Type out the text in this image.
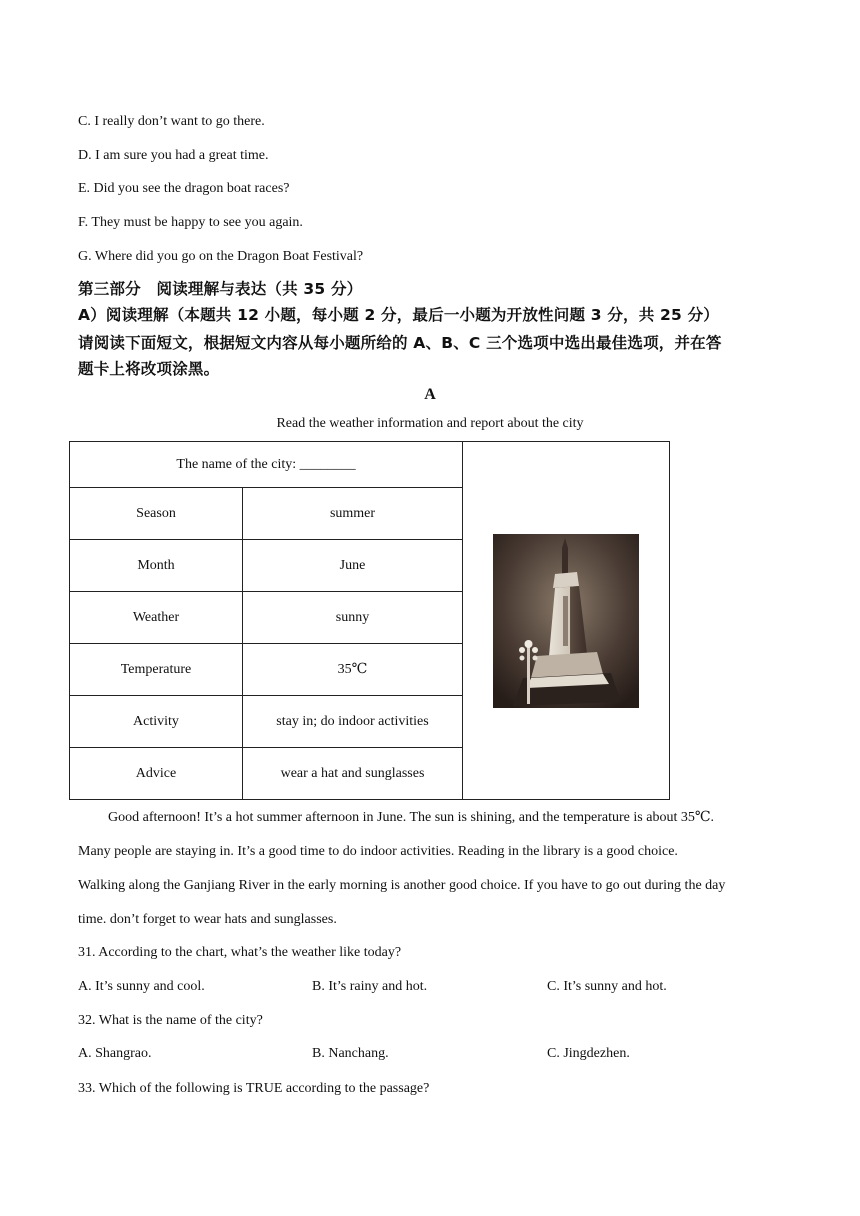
C. I really don’t want to go there.
D. I am sure you had a great time.
E. Did you see the dragon boat races?
F. They must be happy to see you again.
G. Where did you go on the Dragon Boat Festival?
第三部分　阅读理解与表达（共 35 分）
A）阅读理解（本题共 12 小题，每小题 2 分，最后一小题为开放性问题 3 分，共 25 分）
请阅读下面短文，根据短文内容从每小题所给的 A、B、C 三个选项中选出最佳选项，并在答
题卡上将改项涂黑。
A
Read the weather information and report about the city
The name of the city: ________	

Season	summer	
Month	June	
Weather	sunny	
Temperature	35℃	
Activity	stay in; do indoor activities	
Advice	wear a hat and sunglasses	
Good afternoon! It’s a hot summer afternoon in June. The sun is shining, and the temperature is about 35℃.
Many people are staying in. It’s a good time to do indoor activities. Reading in the library is a good choice.
Walking along the Ganjiang River in the early morning is another good choice. If you have to go out during the day
time. don’t forget to wear hats and sunglasses.
31. According to the chart, what’s the weather like today?
A. It’s sunny and cool.	B. It’s rainy and hot.	C. It’s sunny and hot.
32. What is the name of the city?
A. Shangrao.	B. Nanchang.	C. Jingdezhen.
33. Which of the following is TRUE according to the passage?
